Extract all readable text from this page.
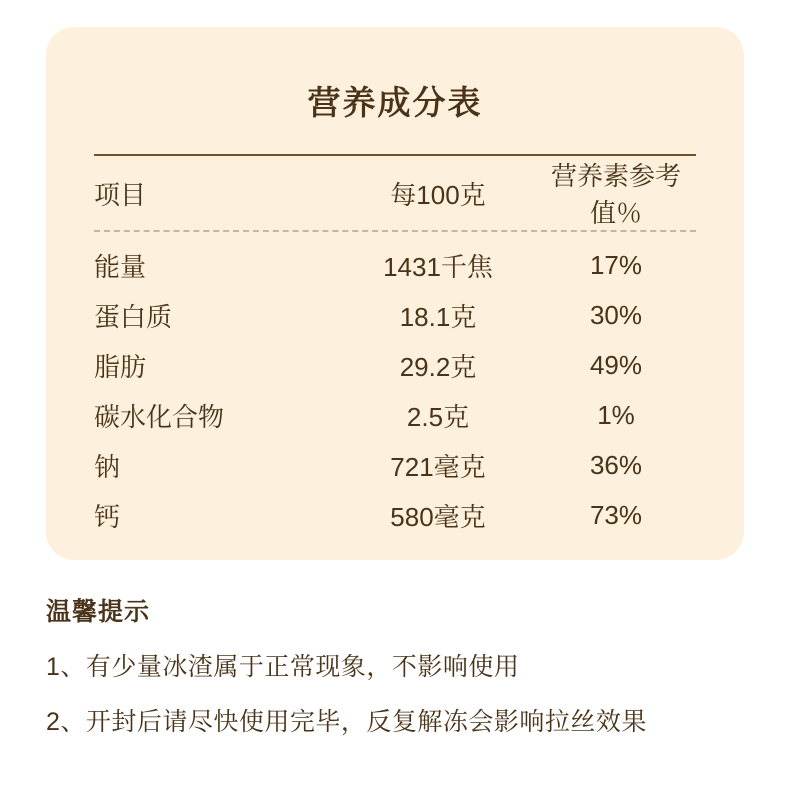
营养成分表
项目	每100克	营养素参考值％

能量	1431千焦	17%
蛋白质	18.1克	30%
脂肪	29.2克	49%
碳水化合物	2.5克	1%
钠	721毫克	36%
钙	580毫克	73%
温馨提示
1、有少量冰渣属于正常现象，不影响使用
2、开封后请尽快使用完毕，反复解冻会影响拉丝效果
